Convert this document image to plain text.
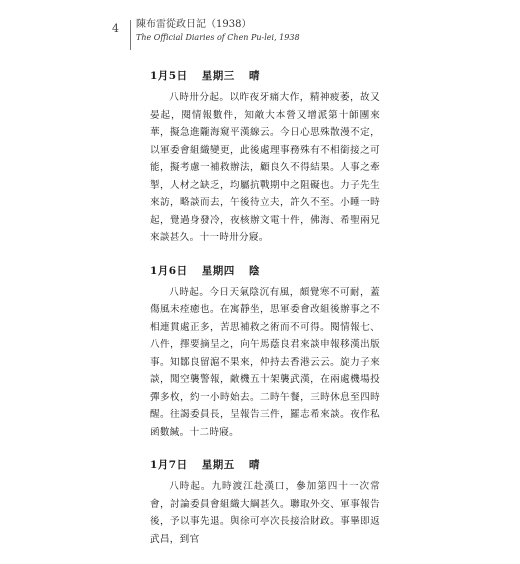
4 陳布雷從政日記（1938）
The Official Diaries of Chen Pu-lei, 1938
1月5日 星期三 晴

八時卅分起。以昨夜牙痛大作，精神疲萎，故又晏起，閱情報數件，知敵大本營又增派第十師團來華，擬急進隴海窺平漢線云。今日心思殊散漫不定，以軍委會組織變更，此後處理事務殊有不相銜接之可能，擬考慮一補救辦法，顧良久不得結果。人事之牽掣，人材之缺乏，均屬抗戰期中之阻礙也。力子先生來訪，略談而去，午後待立夫，許久不至。小睡一時起，覺過身發冷，夜核辦文電十件，佛海、希聖兩兄來談甚久。十一時卅分寢。

1月6日 星期四 陰

八時起。今日天氣陰沉有風，頗覺寒不可耐，蓋傷風未痊癒也。在寓靜坐，思軍委會改組後辦事之不相連貫處正多，苦思補救之術而不可得。閱情報七、八件，擇要摘呈之，向午馬蔭良君來談申報移漢出版事。知鄒良留滬不果來，仲持去香港云云。旋力子來談，聞空襲警報，敵機五十架襲武漢，在兩處機場投彈多枚，約一小時始去。二時午餐，三時休息至四時醒。往謁委員長，呈報告三件，羅志希來談。夜作私函數緘。十二時寢。

1月7日 星期五 晴

八時起。九時渡江赴漢口，參加第四十一次常會，討論委員會組織大綱甚久。聯取外交、軍事報告後，予以事先退。與徐可亭次長接洽財政。事畢即返武昌，到官
